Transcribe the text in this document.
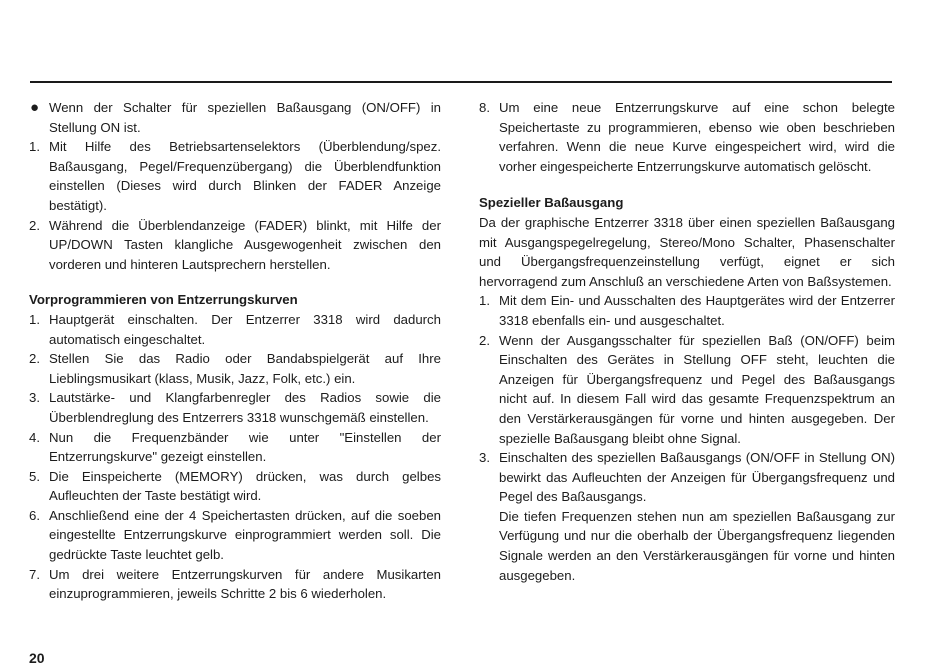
● Wenn der Schalter für speziellen Baßausgang (ON/OFF) in Stellung ON ist.

1. Mit Hilfe des Betriebsartenselektors (Überblendung/spez. Baßausgang, Pegel/Frequenzübergang) die Überblendfunktion einstellen (Dieses wird durch Blinken der FADER Anzeige bestätigt).

2. Während die Überblendanzeige (FADER) blinkt, mit Hilfe der UP/DOWN Tasten klangliche Ausgewogenheit zwischen den vorderen und hinteren Lautsprechern herstellen.

Vorprogrammieren von Entzerrungskurven
1. Hauptgerät einschalten. Der Entzerrer 3318 wird dadurch automatisch eingeschaltet.

2. Stellen Sie das Radio oder Bandabspielgerät auf Ihre Lieblingsmusikart (klass, Musik, Jazz, Folk, etc.) ein.

3. Lautstärke- und Klangfarbenregler des Radios sowie die Überblendreglung des Entzerrers 3318 wunschgemäß einstellen.

4. Nun die Frequenzbänder wie unter "Einstellen der Entzerrungskurve" gezeigt einstellen.

5. Die Einspeicherte (MEMORY) drücken, was durch gelbes Aufleuchten der Taste bestätigt wird.

6. Anschließend eine der 4 Speichertasten drücken, auf die soeben eingestellte Entzerrungskurve einprogrammiert werden soll. Die gedrückte Taste leuchtet gelb.

7. Um drei weitere Entzerrungskurven für andere Musikarten einzuprogrammieren, jeweils Schritte 2 bis 6 wiederholen.

8. Um eine neue Entzerrungskurve auf eine schon belegte Speichertaste zu programmieren, ebenso wie oben beschrieben verfahren. Wenn die neue Kurve eingespeichert wird, wird die vorher eingespeicherte Entzerrungskurve automatisch gelöscht.

Spezieller Baßausgang

Da der graphische Entzerrer 3318 über einen speziellen Baßausgang mit Ausgangspegelregelung, Stereo/Mono Schalter, Phasenschalter und Übergangsfrequenzeinstellung verfügt, eignet er sich hervorragend zum Anschluß an verschiedene Arten von Baßsystemen.

1. Mit dem Ein- und Ausschalten des Hauptgerätes wird der Entzerrer 3318 ebenfalls ein- und ausgeschaltet.

2. Wenn der Ausgangsschalter für speziellen Baß (ON/OFF) beim Einschalten des Gerätes in Stellung OFF steht, leuchten die Anzeigen für Übergangsfrequenz und Pegel des Baßausgangs nicht auf. In diesem Fall wird das gesamte Frequenzspektrum an den Verstärkerausgängen für vorne und hinten ausgegeben. Der spezielle Baßausgang bleibt ohne Signal.

3. Einschalten des speziellen Baßausgangs (ON/OFF in Stellung ON) bewirkt das Aufleuchten der Anzeigen für Übergangsfrequenz und Pegel des Baßausgangs.

Die tiefen Frequenzen stehen nun am speziellen Baßausgang zur Verfügung und nur die oberhalb der Übergangsfrequenz liegenden Signale werden an den Verstärkerausgängen für vorne und hinten ausgegeben.

20
